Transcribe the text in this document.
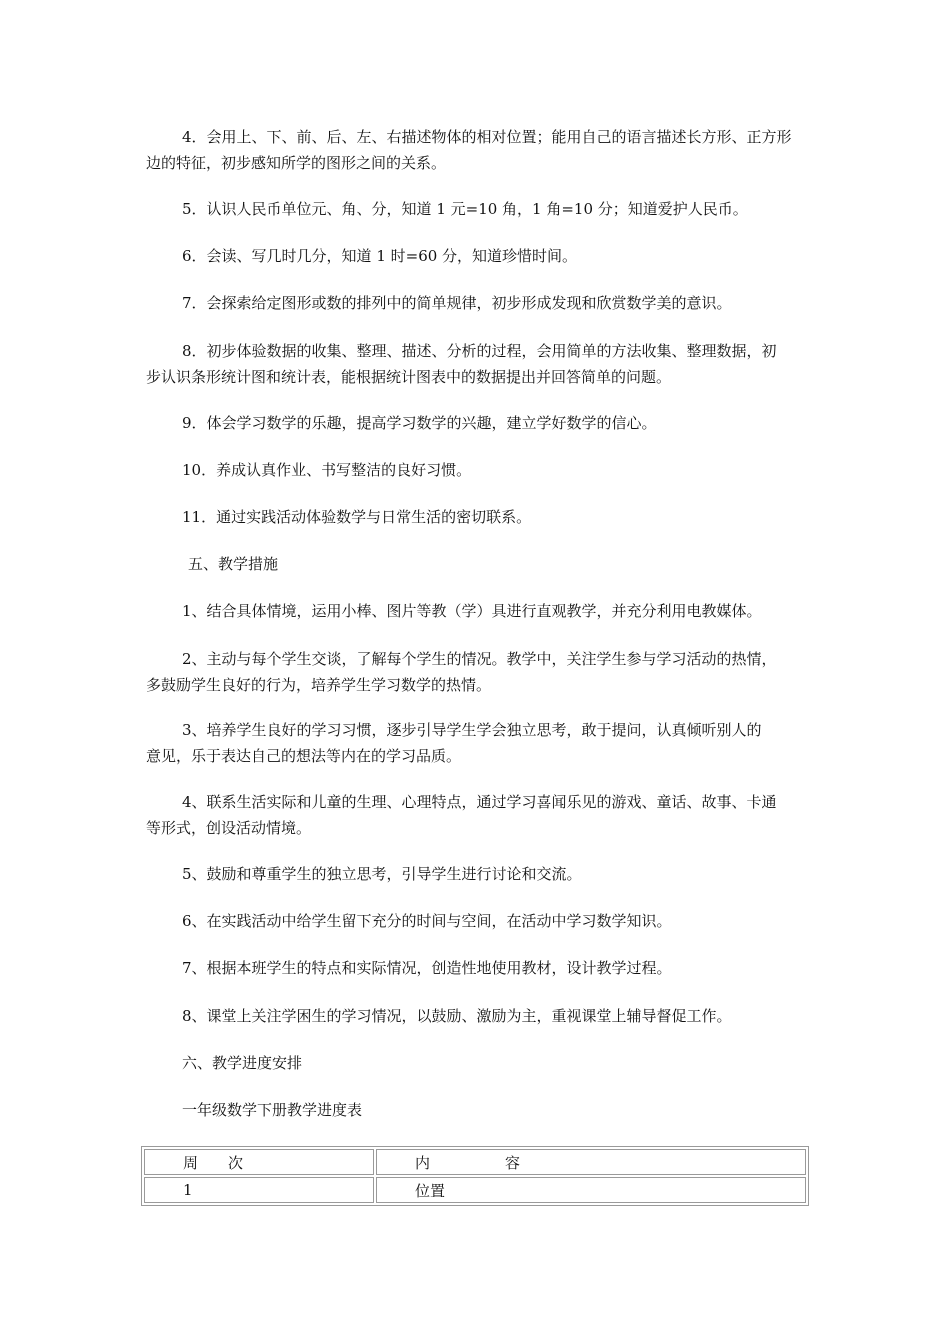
4．会用上、下、前、后、左、右描述物体的相对位置；能用自己的语言描述长方形、正方形
边的特征，初步感知所学的图形之间的关系。

5．认识人民币单位元、角、分，知道 1 元=10 角，1 角=10 分；知道爱护人民币。

6．会读、写几时几分，知道 1 时=60 分，知道珍惜时间。

7．会探索给定图形或数的排列中的简单规律，初步形成发现和欣赏数学美的意识。

8．初步体验数据的收集、整理、描述、分析的过程，会用简单的方法收集、整理数据，初
步认识条形统计图和统计表，能根据统计图表中的数据提出并回答简单的问题。

9．体会学习数学的乐趣，提高学习数学的兴趣，建立学好数学的信心。

10．养成认真作业、书写整洁的良好习惯。

11．通过实践活动体验数学与日常生活的密切联系。

五、教学措施

1、结合具体情境，运用小棒、图片等教（学）具进行直观教学，并充分利用电教媒体。

2、主动与每个学生交谈，了解每个学生的情况。教学中，关注学生参与学习活动的热情，
多鼓励学生良好的行为，培养学生学习数学的热情。

3、培养学生良好的学习习惯，逐步引导学生学会独立思考，敢于提问，认真倾听别人的
意见，乐于表达自己的想法等内在的学习品质。

4、联系生活实际和儿童的生理、心理特点，通过学习喜闻乐见的游戏、童话、故事、卡通
等形式，创设活动情境。

5、鼓励和尊重学生的独立思考，引导学生进行讨论和交流。

6、在实践活动中给学生留下充分的时间与空间，在活动中学习数学知识。

7、根据本班学生的特点和实际情况，创造性地使用教材，设计教学过程。

8、课堂上关注学困生的学习情况，以鼓励、激励为主，重视课堂上辅导督促工作。

六、教学进度安排

一年级数学下册教学进度表

周　　次	内　　　　　容
1	位置
